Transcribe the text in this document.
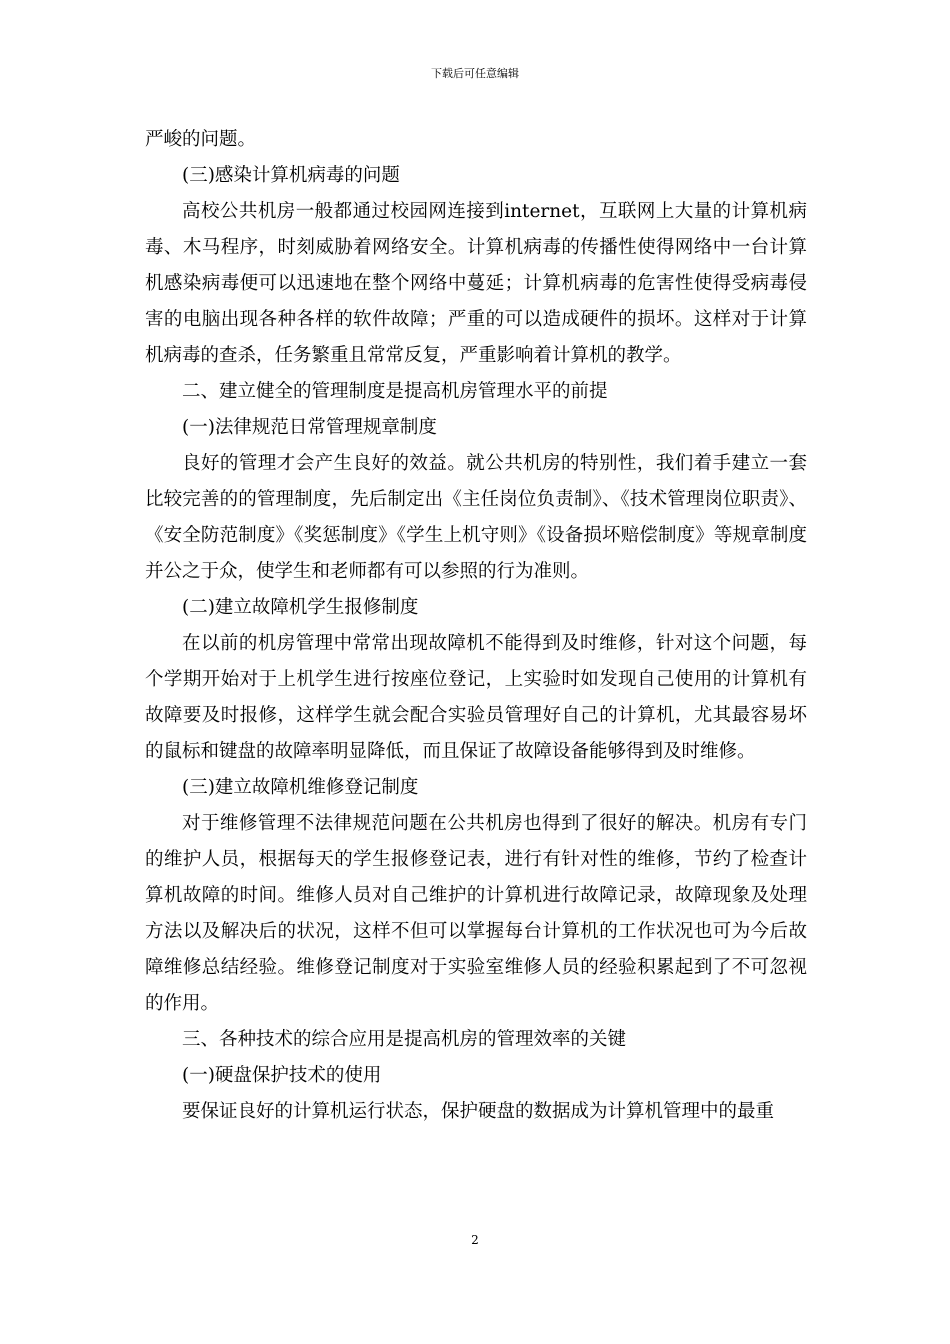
下载后可任意编辑

严峻的问题。

(三)感染计算机病毒的问题

高校公共机房一般都通过校园网连接到internet，互联网上大量的计算机病毒、木马程序，时刻威胁着网络安全。计算机病毒的传播性使得网络中一台计算机感染病毒便可以迅速地在整个网络中蔓延；计算机病毒的危害性使得受病毒侵害的电脑出现各种各样的软件故障；严重的可以造成硬件的损坏。这样对于计算机病毒的查杀，任务繁重且常常反复，严重影响着计算机的教学。

二、建立健全的管理制度是提高机房管理水平的前提

(一)法律规范日常管理规章制度

良好的管理才会产生良好的效益。就公共机房的特别性，我们着手建立一套比较完善的的管理制度，先后制定出《主任岗位负责制》、《技术管理岗位职责》、《安全防范制度》《奖惩制度》《学生上机守则》《设备损坏赔偿制度》等规章制度并公之于众，使学生和老师都有可以参照的行为准则。

(二)建立故障机学生报修制度

在以前的机房管理中常常出现故障机不能得到及时维修，针对这个问题，每个学期开始对于上机学生进行按座位登记，上实验时如发现自己使用的计算机有故障要及时报修，这样学生就会配合实验员管理好自己的计算机，尤其最容易坏的鼠标和键盘的故障率明显降低，而且保证了故障设备能够得到及时维修。

(三)建立故障机维修登记制度

对于维修管理不法律规范问题在公共机房也得到了很好的解决。机房有专门的维护人员，根据每天的学生报修登记表，进行有针对性的维修，节约了检查计算机故障的时间。维修人员对自己维护的计算机进行故障记录，故障现象及处理方法以及解决后的状况，这样不但可以掌握每台计算机的工作状况也可为今后故障维修总结经验。维修登记制度对于实验室维修人员的经验积累起到了不可忽视的作用。

三、各种技术的综合应用是提高机房的管理效率的关键

(一)硬盘保护技术的使用

要保证良好的计算机运行状态，保护硬盘的数据成为计算机管理中的最重

2
